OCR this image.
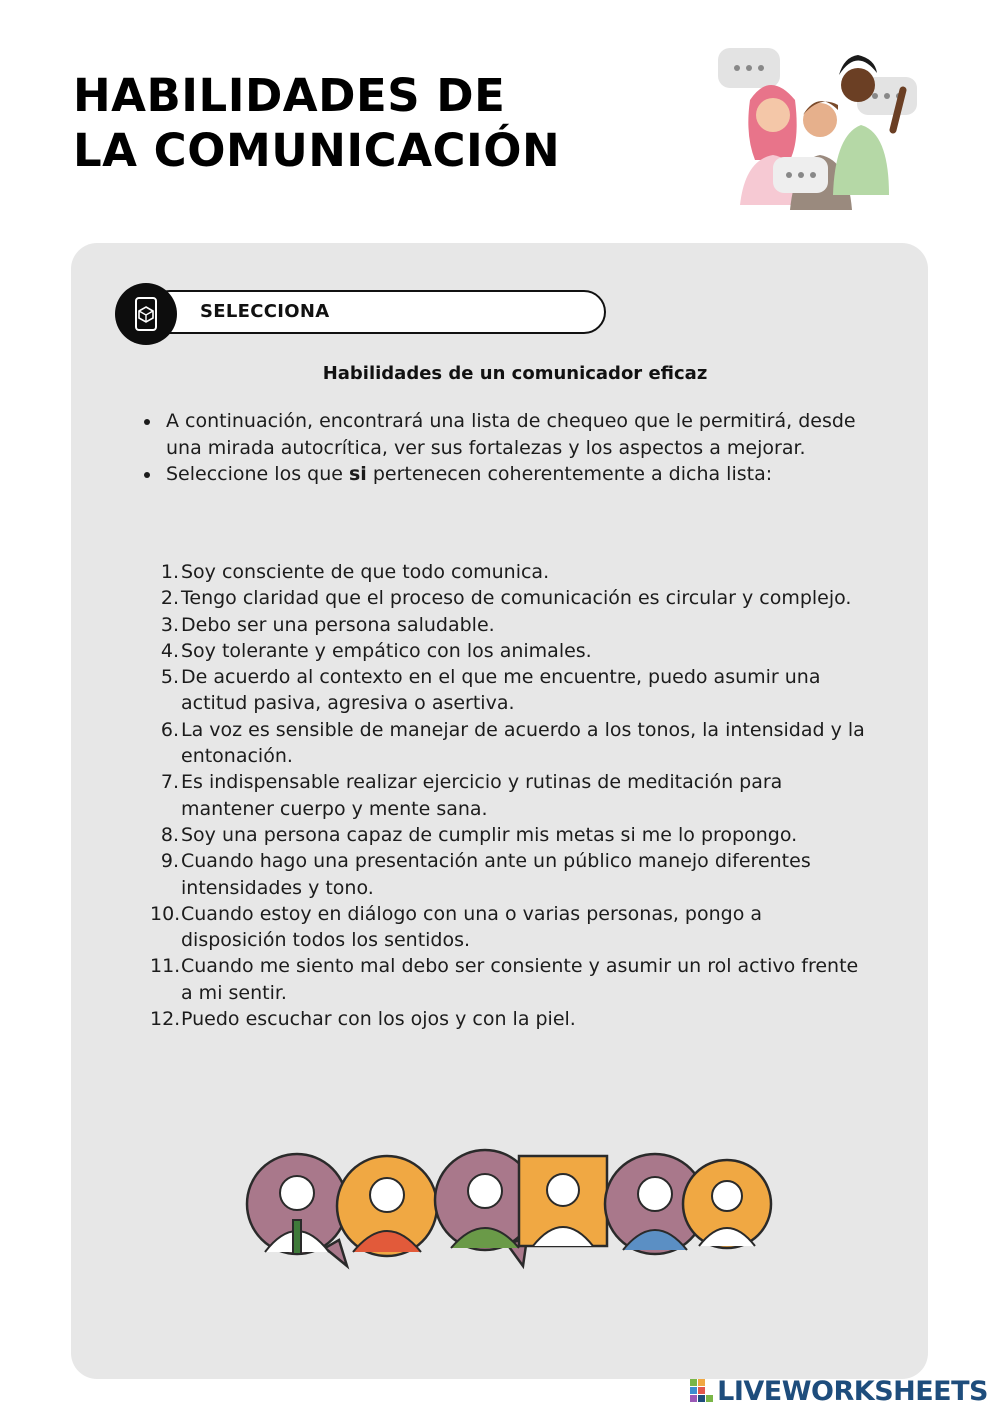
HABILIDADES DE
LA COMUNICACIÓN
SELECCIONA
Habilidades de un comunicador eficaz
A continuación, encontrará una lista de chequeo que le permitirá, desde una mirada autocrítica, ver sus fortalezas y los aspectos a mejorar.
Seleccione los que si pertenecen coherentemente a dicha lista:
1. Soy consciente de que todo comunica.
2. Tengo claridad que el proceso de comunicación es circular y complejo.
3. Debo ser una persona saludable.
4. Soy tolerante y empático con los animales.
5. De acuerdo al contexto en el que me encuentre, puedo asumir una actitud pasiva, agresiva o asertiva.
6. La voz es sensible de manejar de acuerdo a los tonos, la intensidad y la entonación.
7. Es indispensable realizar ejercicio y rutinas de meditación para mantener cuerpo y mente sana.
8. Soy una persona capaz de cumplir mis metas si me lo propongo.
9. Cuando hago una presentación ante un público manejo diferentes intensidades y tono.
10. Cuando estoy en diálogo con una o varias personas, pongo a disposición todos los sentidos.
11. Cuando me siento mal debo ser consiente y asumir un rol activo frente a mi sentir.
12. Puedo escuchar con los ojos y con la piel.
LIVEWORKSHEETS
